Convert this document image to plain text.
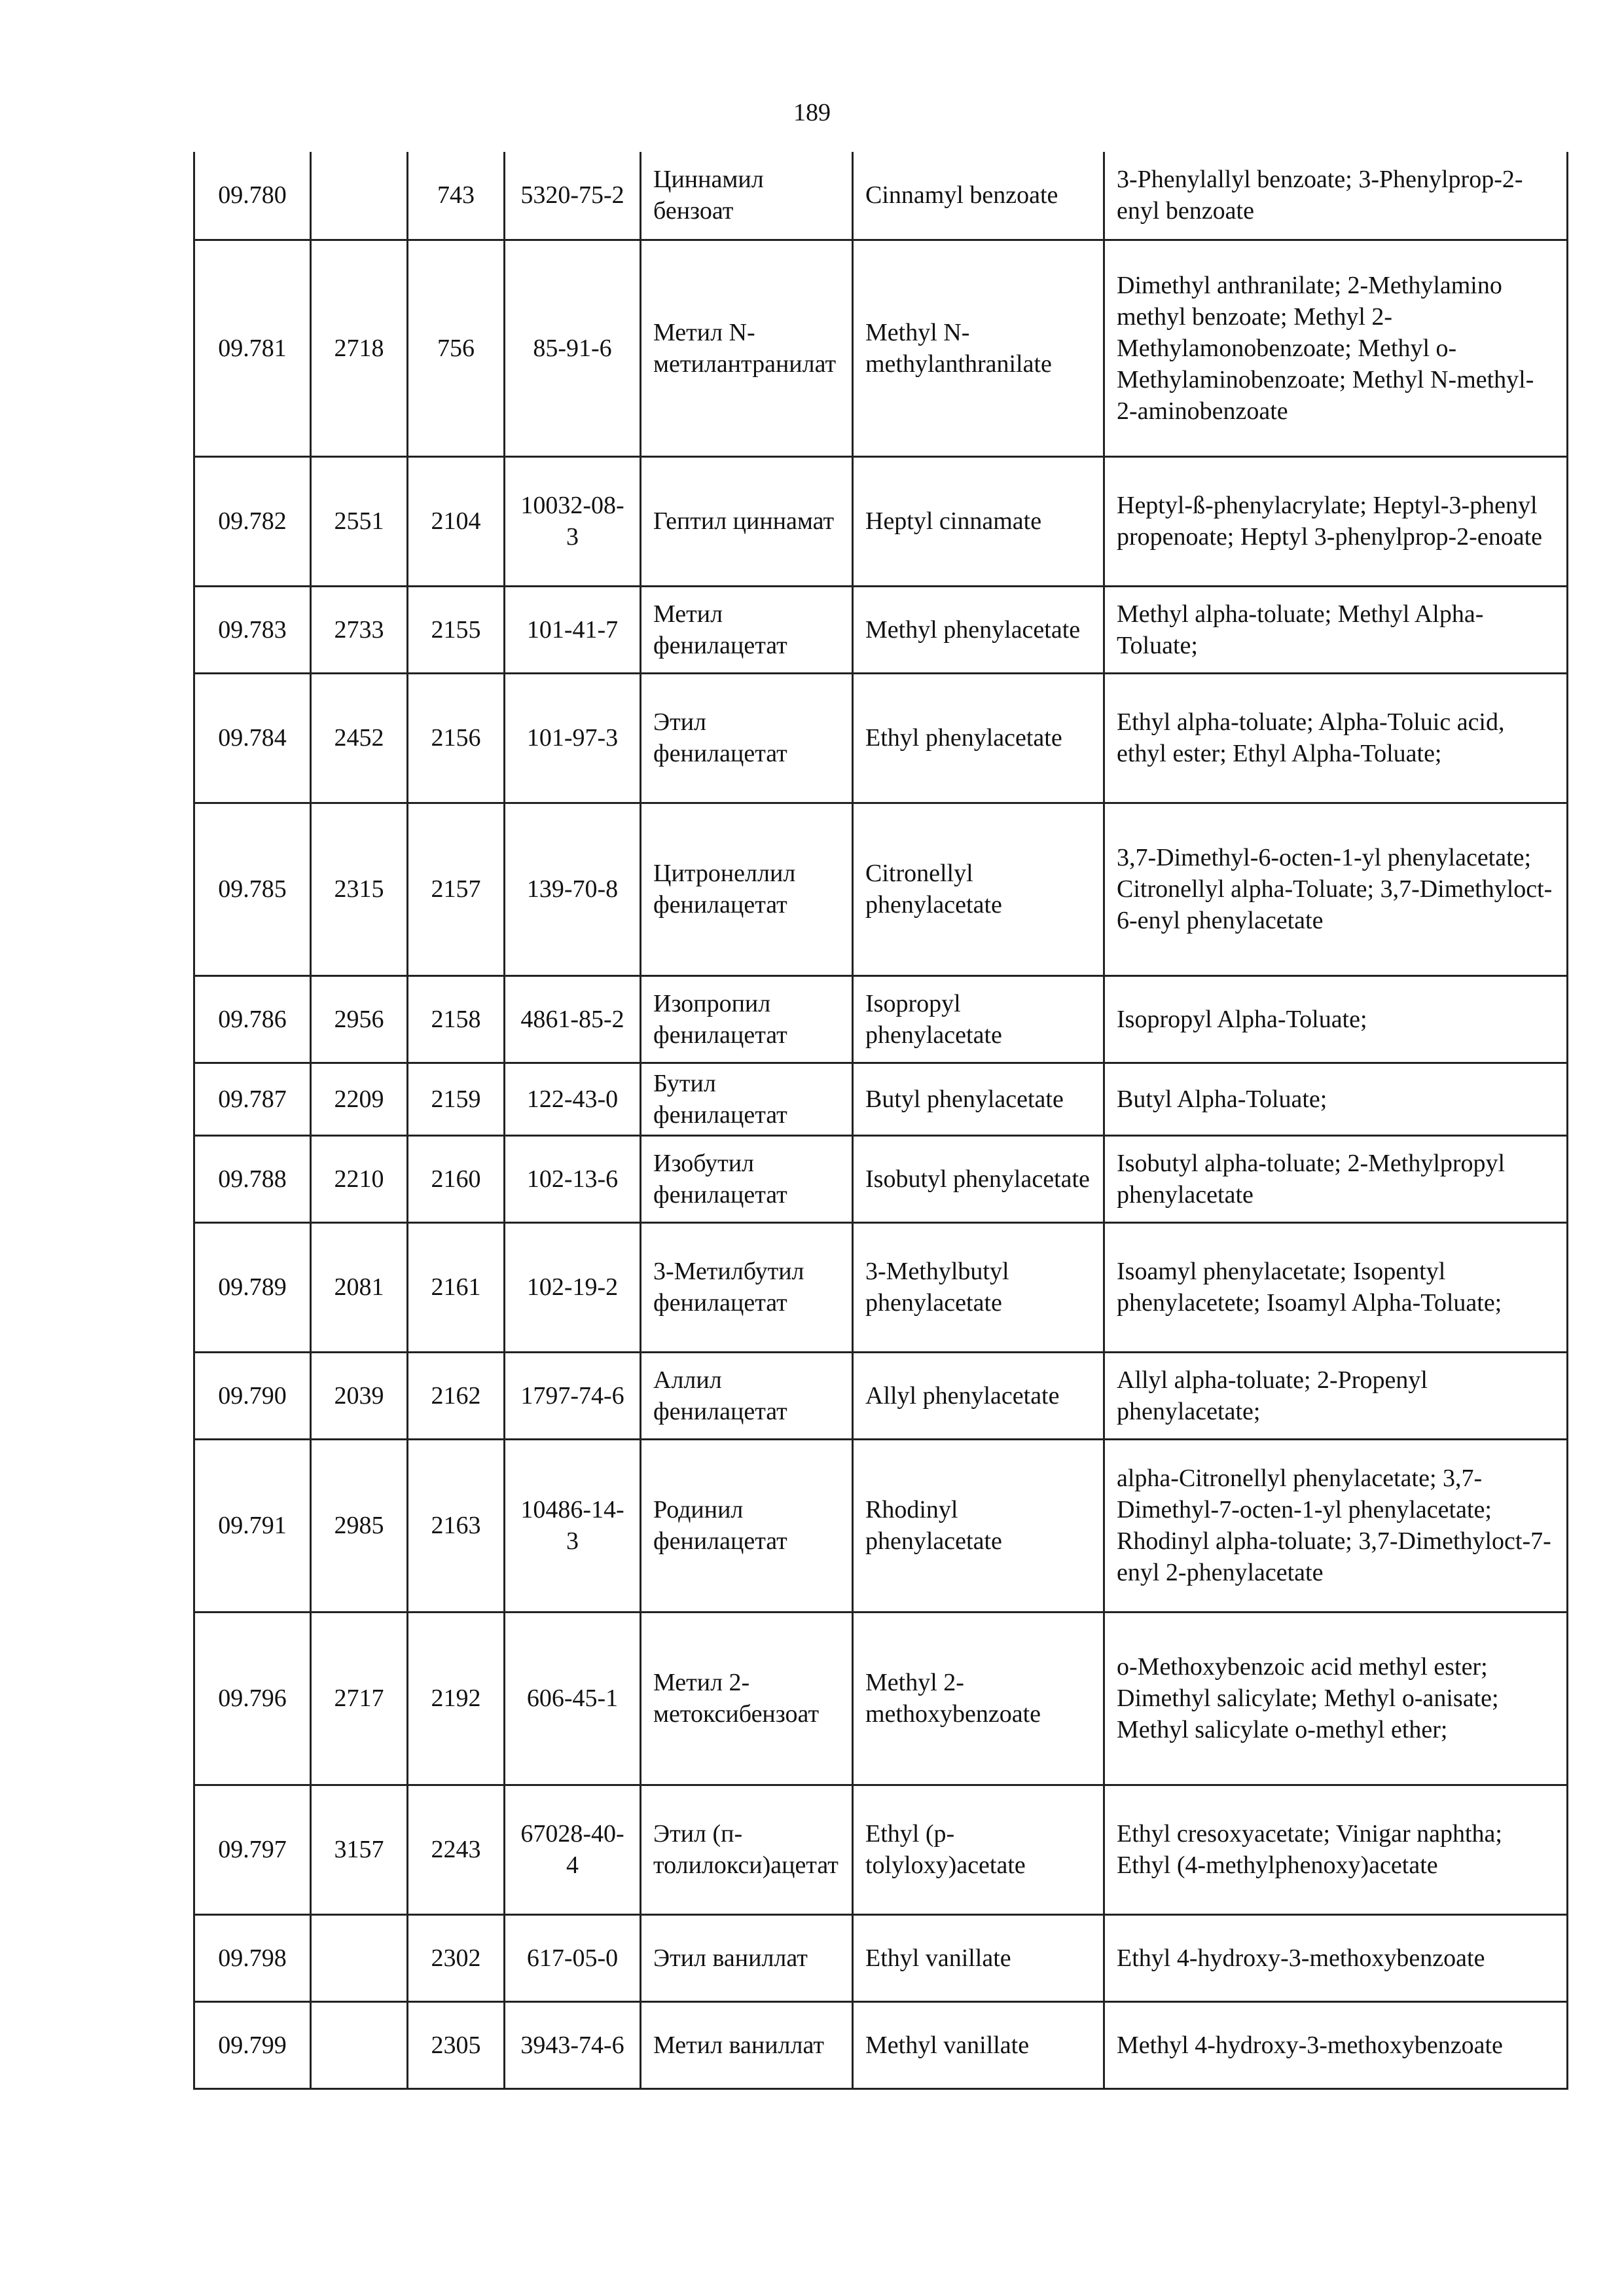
189
09.780		743	5320-75-2	Циннамил бензоат	Cinnamyl benzoate	3-Phenylallyl benzoate; 3-Phenylprop-2-enyl benzoate
09.781	2718	756	85-91-6	Метил N-метилантранилат	Methyl N-methylanthranilate	Dimethyl anthranilate; 2-Methylamino methyl benzoate; Methyl 2-Methylamonobenzoate; Methyl o-Methylaminobenzoate; Methyl N-methyl-2-aminobenzoate
09.782	2551	2104	10032-08-3	Гептил циннамат	Heptyl cinnamate	Heptyl-ß-phenylacrylate; Heptyl-3-phenyl propenoate; Heptyl 3-phenylprop-2-enoate
09.783	2733	2155	101-41-7	Метил фенилацетат	Methyl phenylacetate	Methyl alpha-toluate; Methyl Alpha-Toluate;
09.784	2452	2156	101-97-3	Этил фенилацетат	Ethyl phenylacetate	Ethyl alpha-toluate; Alpha-Toluic acid, ethyl ester; Ethyl Alpha-Toluate;
09.785	2315	2157	139-70-8	Цитронеллил фенилацетат	Citronellyl phenylacetate	3,7-Dimethyl-6-octen-1-yl phenylacetate; Citronellyl alpha-Toluate; 3,7-Dimethyloct-6-enyl phenylacetate
09.786	2956	2158	4861-85-2	Изопропил фенилацетат	Isopropyl phenylacetate	Isopropyl Alpha-Toluate;
09.787	2209	2159	122-43-0	Бутил фенилацетат	Butyl phenylacetate	Butyl Alpha-Toluate;
09.788	2210	2160	102-13-6	Изобутил фенилацетат	Isobutyl phenylacetate	Isobutyl alpha-toluate; 2-Methylpropyl phenylacetate
09.789	2081	2161	102-19-2	3-Метилбутил фенилацетат	3-Methylbutyl phenylacetate	Isoamyl phenylacetate; Isopentyl phenylacetete; Isoamyl Alpha-Toluate;
09.790	2039	2162	1797-74-6	Аллил фенилацетат	Allyl phenylacetate	Allyl alpha-toluate; 2-Propenyl phenylacetate;
09.791	2985	2163	10486-14-3	Родинил фенилацетат	Rhodinyl phenylacetate	alpha-Citronellyl phenylacetate; 3,7-Dimethyl-7-octen-1-yl phenylacetate; Rhodinyl alpha-toluate; 3,7-Dimethyloct-7-enyl 2-phenylacetate
09.796	2717	2192	606-45-1	Метил 2-метоксибензоат	Methyl 2-methoxybenzoate	o-Methoxybenzoic acid methyl ester; Dimethyl salicylate; Methyl o-anisate; Methyl salicylate o-methyl ether;
09.797	3157	2243	67028-40-4	Этил (п-толилокси)ацетат	Ethyl (p-tolyloxy)acetate	Ethyl cresoxyacetate; Vinigar naphtha; Ethyl (4-methylphenoxy)acetate
09.798		2302	617-05-0	Этил ваниллат	Ethyl vanillate	Ethyl 4-hydroxy-3-methoxybenzoate
09.799		2305	3943-74-6	Метил ваниллат	Methyl vanillate	Methyl 4-hydroxy-3-methoxybenzoate
